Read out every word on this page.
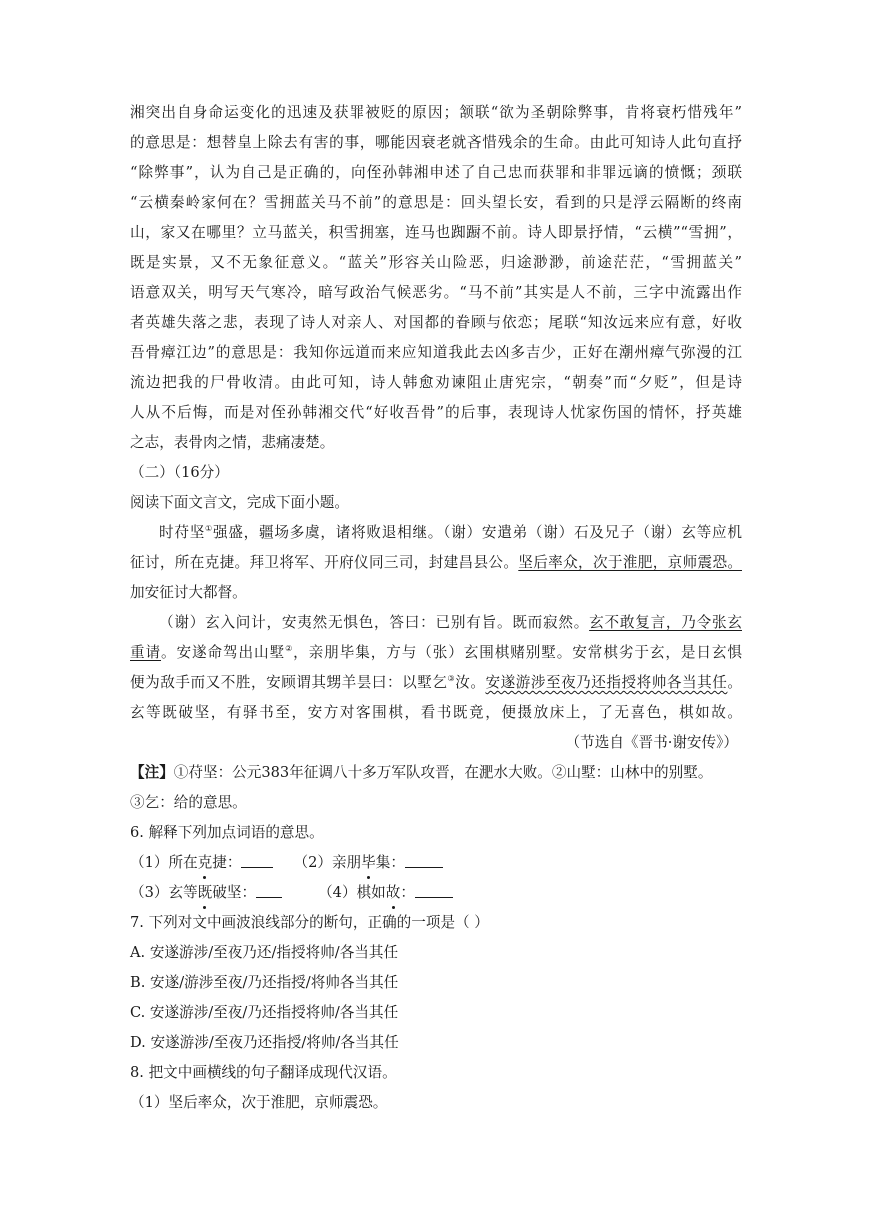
湘突出自身命运变化的迅速及获罪被贬的原因；颔联“欲为圣朝除弊事，肯将衰朽惜残年”
的意思是：想替皇上除去有害的事，哪能因衰老就吝惜残余的生命。由此可知诗人此句直抒
“除弊事”，认为自己是正确的，向侄孙韩湘申述了自己忠而获罪和非罪远谪的愤慨；颈联
“云横秦岭家何在？雪拥蓝关马不前”的意思是：回头望长安，看到的只是浮云隔断的终南
山，家又在哪里？立马蓝关，积雪拥塞，连马也踟蹰不前。诗人即景抒情，“云横”“雪拥”，
既是实景，又不无象征意义。“蓝关”形容关山险恶，归途渺渺，前途茫茫，“雪拥蓝关”
语意双关，明写天气寒冷，暗写政治气候恶劣。“马不前”其实是人不前，三字中流露出作
者英雄失落之悲，表现了诗人对亲人、对国都的眷顾与依恋；尾联“知汝远来应有意，好收
吾骨瘴江边”的意思是：我知你远道而来应知道我此去凶多吉少，正好在潮州瘴气弥漫的江
流边把我的尸骨收清。由此可知，诗人韩愈劝谏阻止唐宪宗，“朝奏”而“夕贬”，但是诗
人从不后悔，而是对侄孙韩湘交代“好收吾骨”的后事，表现诗人忧家伤国的情怀，抒英雄
之志，表骨肉之情，悲痛凄楚。
（二）（16分）
阅读下面文言文，完成下面小题。
时苻坚①强盛，疆场多虞，诸将败退相继。（谢）安遣弟（谢）石及兄子（谢）玄等应机
征讨，所在克捷。拜卫将军、开府仪同三司，封建昌县公。坚后率众，次于淮肥，京师震恐。
加安征讨大都督。
（谢）玄入问计，安夷然无惧色，答曰：已别有旨。既而寂然。玄不敢复言，乃令张玄
重请。安遂命驾出山墅②，亲朋毕集，方与（张）玄围棋赌别墅。安常棋劣于玄，是日玄惧
便为敌手而又不胜，安顾谓其甥羊昙曰：以墅乞③汝。安遂游涉至夜乃还指授将帅各当其任。
玄等既破坚，有驿书至，安方对客围棋，看书既竟，便摄放床上，了无喜色，棋如故。
（节选自《晋书·谢安传》）
【注】①苻坚：公元383年征调八十多万军队攻晋，在淝水大败。②山墅：山林中的别墅。
③乞：给的意思。
6. 解释下列加点词语的意思。
（1）所在克捷：	（2）亲朋毕集：
（3）玄等既破坚：	（4）棋如故：
7. 下列对文中画波浪线部分的断句，正确的一项是（ ）
A. 安遂游涉/至夜乃还/指授将帅/各当其任
B. 安遂/游涉至夜/乃还指授/将帅各当其任
C. 安遂游涉/至夜/乃还指授将帅/各当其任
D. 安遂游涉/至夜乃还指授/将帅/各当其任
8. 把文中画横线的句子翻译成现代汉语。
（1）坚后率众，次于淮肥，京师震恐。
